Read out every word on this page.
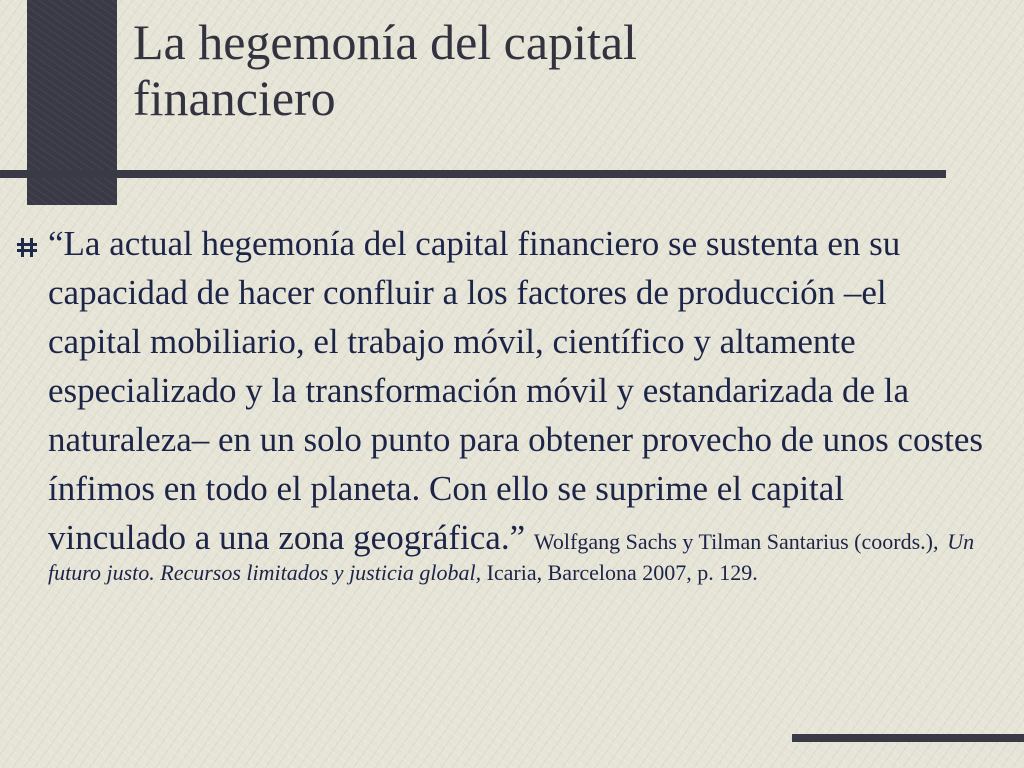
La hegemonía del capital
financiero

“La actual hegemonía del capital financiero se sustenta en su capacidad de hacer confluir a los factores de producción –el capital mobiliario, el trabajo móvil, científico y altamente especializado y la transformación móvil y estandarizada de la naturaleza– en un solo punto para obtener provecho de unos costes ínfimos en todo el planeta. Con ello se suprime el capital vinculado a una zona geográfica.” Wolfgang Sachs y Tilman Santarius (coords.), Un
futuro justo. Recursos limitados y justicia global, Icaria, Barcelona 2007, p. 129.
